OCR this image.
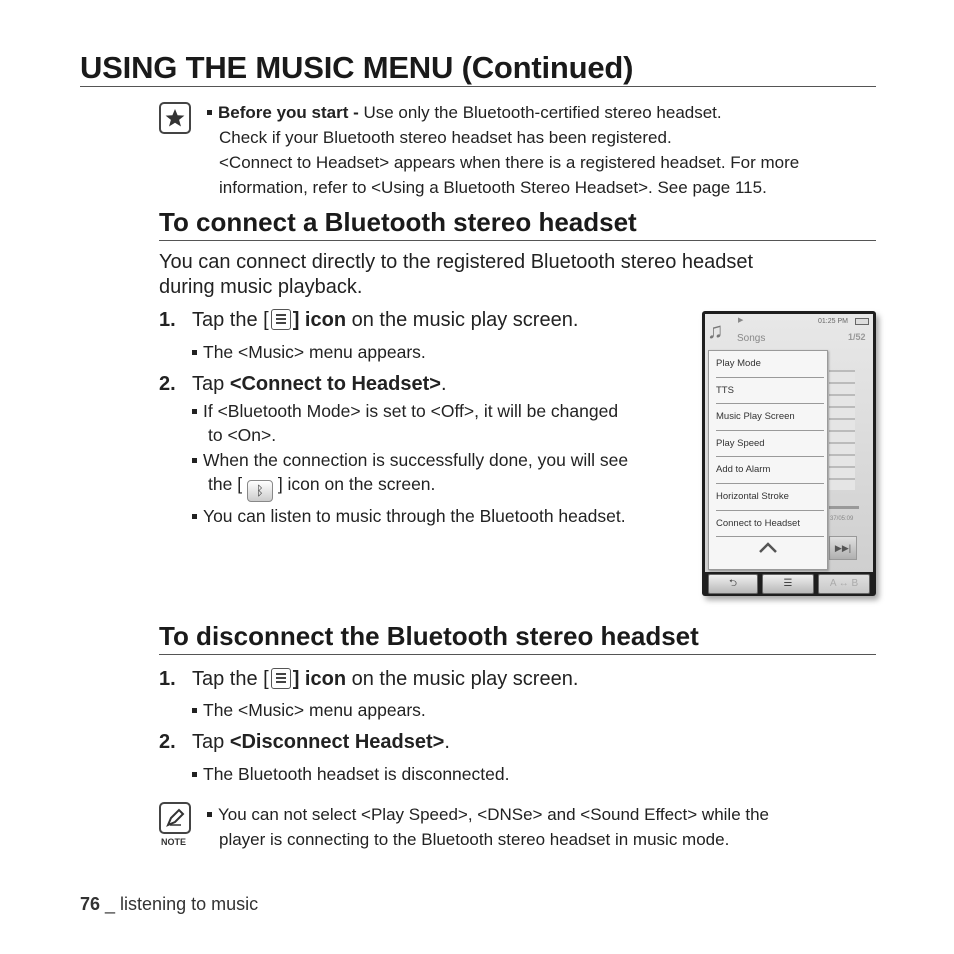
USING THE MUSIC MENU (Continued)
Before you start - Use only the Bluetooth-certified stereo headset.
Check if your Bluetooth stereo headset has been registered.
<Connect to Headset> appears when there is a registered headset. For more
information, refer to <Using a Bluetooth Stereo Headset>. See page 115.
To connect a Bluetooth stereo headset
You can connect directly to the registered Bluetooth stereo headset
during music playback.
1. Tap the [ ] icon on the music play screen.
The <Music> menu appears.
2. Tap <Connect to Headset>.
If <Bluetooth Mode> is set to <Off>, it will be changed
to <On>.
When the connection is successfully done, you will see
the [ ᛒ ] icon on the screen.
You can listen to music through the Bluetooth headset.
♫ ▶	01:25 PM
Songs	1/52
37/05:09
▶▶|
Play Mode
TTS
Music Play Screen
Play Speed
Add to Alarm
Horizontal Stroke
Connect to Headset
⮌	☰	A ↔ B
To disconnect the Bluetooth stereo headset
1. Tap the [ ] icon on the music play screen.
The <Music> menu appears.
2. Tap <Disconnect Headset>.
The Bluetooth headset is disconnected.
NOTE
You can not select <Play Speed>, <DNSe> and <Sound Effect> while the
player is connecting to the Bluetooth stereo headset in music mode.
76 _ listening to music
